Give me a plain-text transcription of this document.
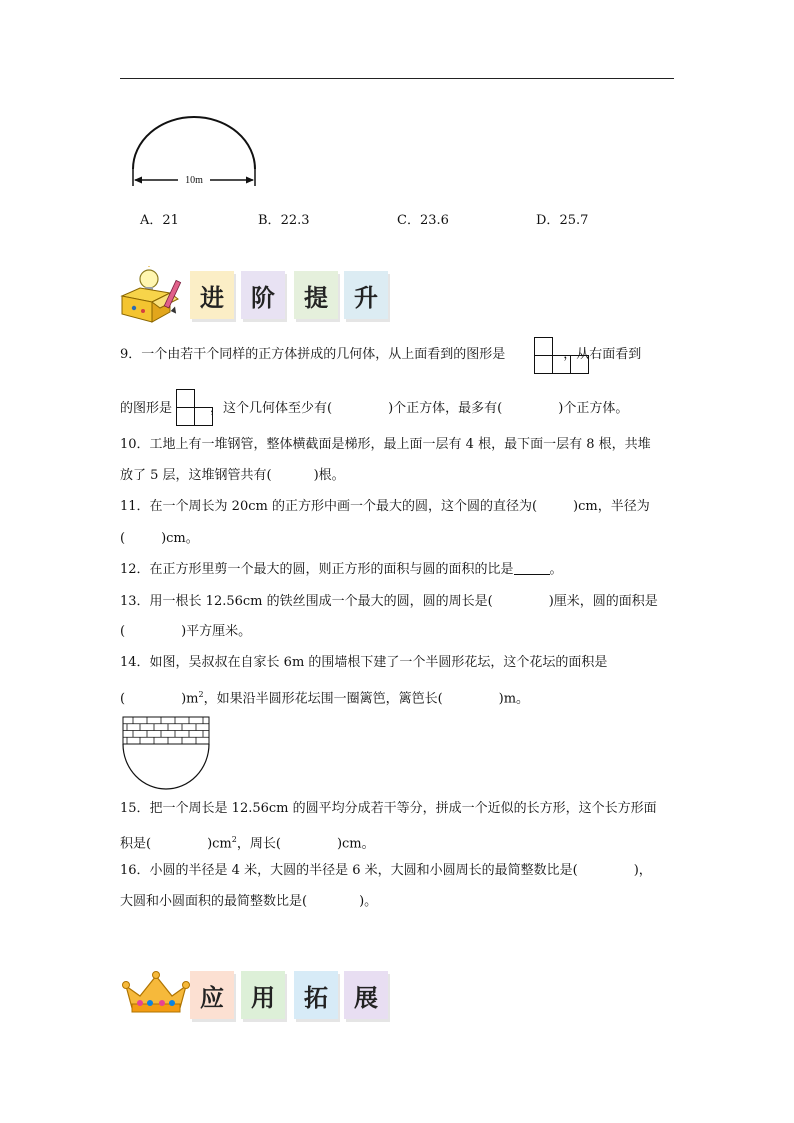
10m
A．21	B．22.3	C．23.6	D．25.7
进	阶	提	升
9．一个由若干个同样的正方体拼成的几何体，从上面看到的图形是	，从右面看到
的图形是	，这个几何体至少有(	)个正方体，最多有(	)个正方体。
10．工地上有一堆钢管，整体横截面是梯形，最上面一层有 4 根，最下面一层有 8 根，共堆
放了 5 层，这堆钢管共有(	)根。
11．在一个周长为 20cm 的正方形中画一个最大的圆，这个圆的直径为(	)cm，半径为
(	)cm。
12．在正方形里剪一个最大的圆，则正方形的面积与圆的面积的比是	。
13．用一根长 12.56cm 的铁丝围成一个最大的圆，圆的周长是(	)厘米，圆的面积是
(	)平方厘米。
14．如图，吴叔叔在自家长 6m 的围墙根下建了一个半圆形花坛，这个花坛的面积是
(	)$m^2$，如果沿半圆形花坛围一圈篱笆，篱笆长(	)m。
15．把一个周长是 12.56cm 的圆平均分成若干等分，拼成一个近似的长方形，这个长方形面
积是(	)$cm^2$，周长(	)cm。
16．小圆的半径是 4 米，大圆的半径是 6 米，大圆和小圆周长的最简整数比是(	)，
大圆和小圆面积的最简整数比是(	)。
应	用	拓	展
